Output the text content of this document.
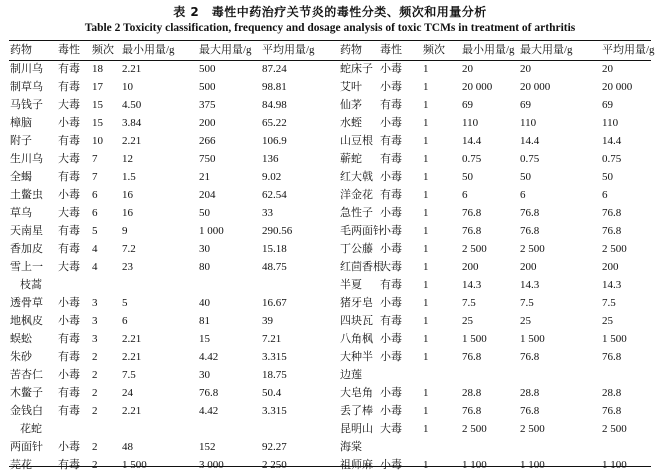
表 2　毒性中药治疗关节炎的毒性分类、频次和用量分析
Table 2 Toxicity classification, frequency and dosage analysis of toxic TCMs in treatment of arthritis
药物 毒性 频次 最小用量/g 最大用量/g 平均用量/g
制川乌 有毒 18 2.21	500	87.24
制草乌 有毒 17 10	500	98.81
马钱子 大毒 15 4.50	375	84.98
樟脑 小毒 15 3.84	200	65.22
附子 有毒 10 2.21	266	106.9
生川乌 大毒 7 12	750	136
全蝎 有毒 7 1.5	21	9.02
土鳖虫 小毒 6 16	204	62.54
草乌 大毒 6 16	50	33
天南星 有毒 5 9	1 000	290.56
香加皮 有毒 4 7.2	30	15.18
雪上一 大毒 4 23	80	48.75
枝蒿
透骨草 小毒 3 5	40	16.67
地枫皮 小毒 3 6	81	39
蜈蚣 有毒 3 2.21	15	7.21
朱砂 有毒 2 2.21	4.42	3.315
苦杏仁 小毒 2 7.5	30	18.75
木鳖子 有毒 2 24	76.8	50.4
金钱白 有毒 2 2.21	4.42	3.315
花蛇
两面针 小毒 2 48	152	92.27
芫花 有毒 2 1 500	3 000	2 250
药物 毒性 频次 最小用量/g 最大用量/g	平均用量/g
蛇床子 小毒 1	20	20	20
艾叶 小毒 1	20 000	20 000	20 000
仙茅 有毒 1	69	69	69
水蛭 小毒 1	110	110	110
山豆根 有毒 1	14.4	14.4	14.4
蕲蛇 有毒 1	0.75	0.75	0.75
红大戟 小毒 1	50	50	50
洋金花 有毒 1	6	6	6
急性子 小毒 1	76.8	76.8	76.8
毛两面针
小毒 1	76.8	76.8	76.8
丁公藤 小毒 1	2 500	2 500	2 500
红茴香根
大毒 1	200	200	200
半夏 有毒 1	14.3	14.3	14.3
猪牙皂 小毒 1	7.5	7.5	7.5
四块瓦 有毒 1	25	25	25
八角枫 小毒 1	1 500	1 500	1 500
大种半 小毒 1	76.8	76.8	76.8
边莲
大皂角 小毒 1	28.8	28.8	28.8
丢了棒 小毒 1	76.8	76.8	76.8
昆明山 大毒 1	2 500	2 500	2 500
海棠
祖师麻 小毒 1	1 100	1 100	1 100
